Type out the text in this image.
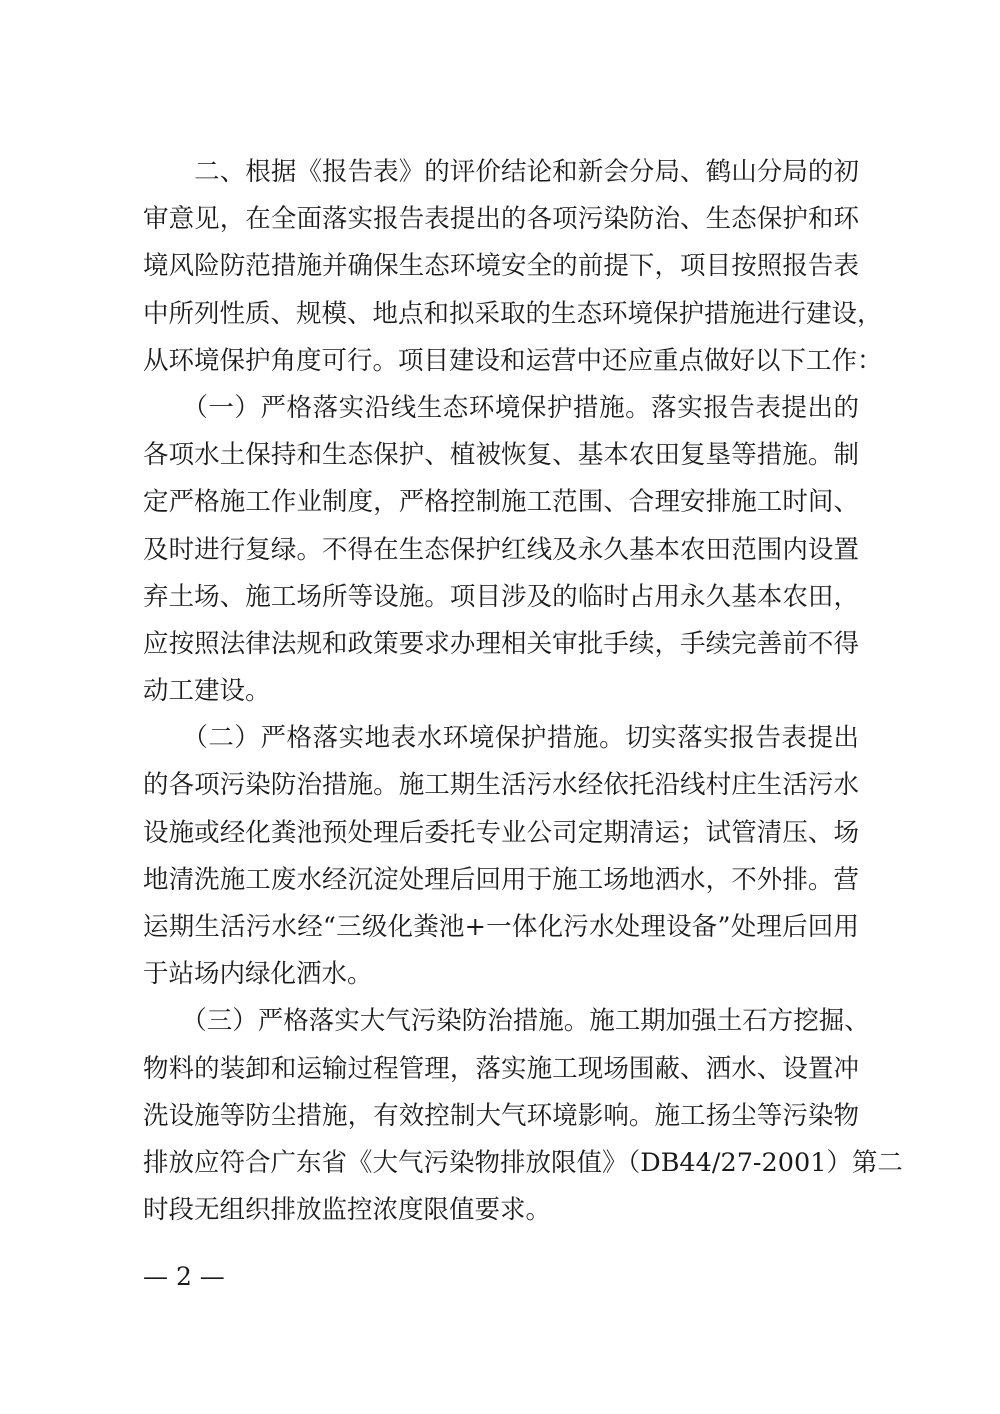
　　二、根据《报告表》的评价结论和新会分局、鹤山分局的初
审意见，在全面落实报告表提出的各项污染防治、生态保护和环
境风险防范措施并确保生态环境安全的前提下，项目按照报告表
中所列性质、规模、地点和拟采取的生态环境保护措施进行建设，
从环境保护角度可行。项目建设和运营中还应重点做好以下工作：
　　（一）严格落实沿线生态环境保护措施。落实报告表提出的
各项水土保持和生态保护、植被恢复、基本农田复垦等措施。制
定严格施工作业制度，严格控制施工范围、合理安排施工时间、
及时进行复绿。不得在生态保护红线及永久基本农田范围内设置
弃土场、施工场所等设施。项目涉及的临时占用永久基本农田，
应按照法律法规和政策要求办理相关审批手续，手续完善前不得
动工建设。
　　（二）严格落实地表水环境保护措施。切实落实报告表提出
的各项污染防治措施。施工期生活污水经依托沿线村庄生活污水
设施或经化粪池预处理后委托专业公司定期清运；试管清压、场
地清洗施工废水经沉淀处理后回用于施工场地洒水，不外排。营
运期生活污水经“三级化粪池+一体化污水处理设备”处理后回用
于站场内绿化洒水。
　　（三）严格落实大气污染防治措施。施工期加强土石方挖掘、
物料的装卸和运输过程管理，落实施工现场围蔽、洒水、设置冲
洗设施等防尘措施，有效控制大气环境影响。施工扬尘等污染物
排放应符合广东省《大气污染物排放限值》（DB44/27-2001）第二
时段无组织排放监控浓度限值要求。
— 2 —
